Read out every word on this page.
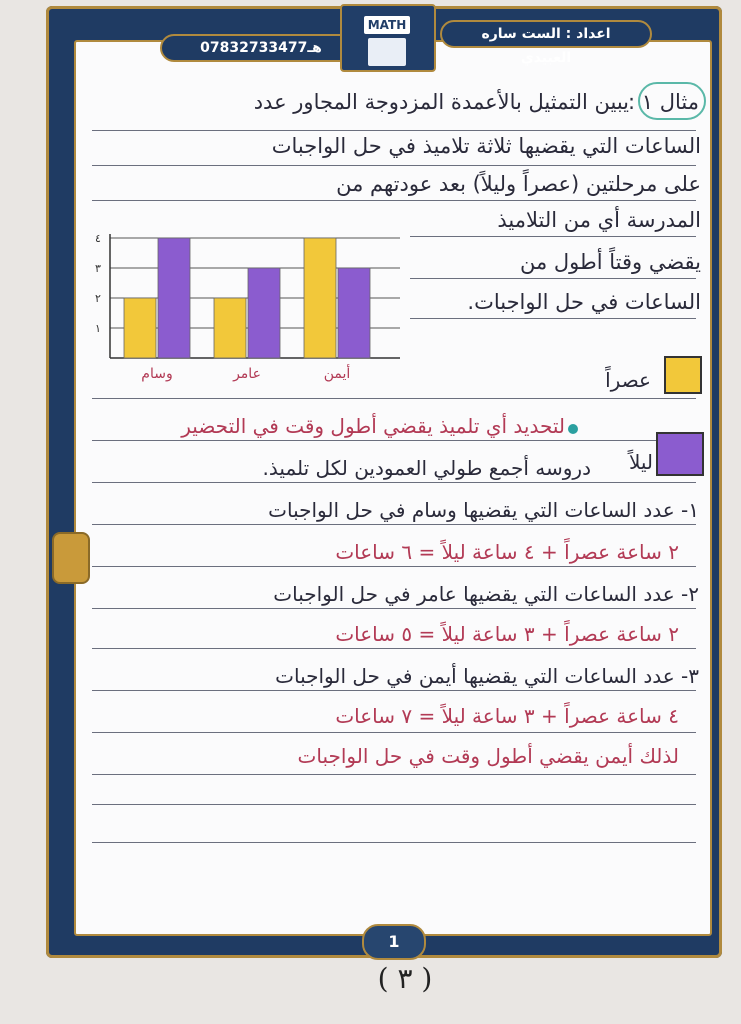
07832733477هـ
اعداد : الست ساره العبيدي
MATH
مثال ١ :
يبين التمثيل بالأعمدة المزدوجة المجاور عدد
الساعات التي يقضيها ثلاثة تلاميذ في حل الواجبات
على مرحلتين (عصراً وليلاً) بعد عودتهم من
المدرسة أي من التلاميذ
يقضي وقتاً أطول من
الساعات في حل الواجبات.
١
٢
٣
٤
وسام	عامر	أيمن	عصراً
ليلاً
لتحديد أي تلميذ يقضي أطول وقت في التحضير
دروسه أجمع طولي العمودين لكل تلميذ.
١- عدد الساعات التي يقضيها وسام في حل الواجبات
٢ ساعة عصراً + ٤ ساعة ليلاً = ٦ ساعات
٢- عدد الساعات التي يقضيها عامر في حل الواجبات
٢ ساعة عصراً + ٣ ساعة ليلاً = ٥ ساعات
٣- عدد الساعات التي يقضيها أيمن في حل الواجبات
٤ ساعة عصراً + ٣ ساعة ليلاً = ٧ ساعات
لذلك أيمن يقضي أطول وقت في حل الواجبات
1
( ٣ )
